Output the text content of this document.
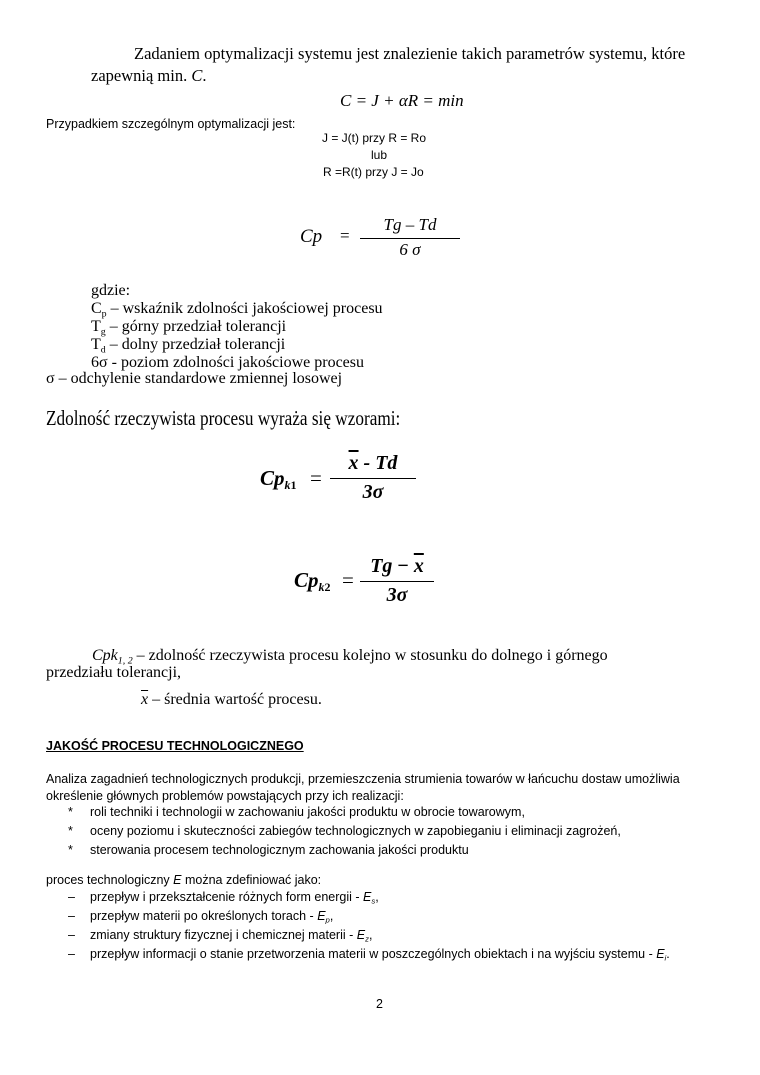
Zadaniem optymalizacji systemu jest znalezienie takich parametrów systemu, które
zapewnią min. C.
C = J + αR = min
Przypadkiem szczególnym optymalizacji jest:
J = J(t) przy R = Ro
lub
R =R(t) przy J = Jo
Cp =
Tg – Td
6 σ
gdzie:
$C_p$ – wskaźnik zdolności jakościowej procesu
$T_g$ – górny przedział tolerancji
$T_d$ – dolny przedział tolerancji
6σ - poziom zdolności jakościowe procesu
σ – odchylenie standardowe zmiennej losowej
Zdolność rzeczywista procesu wyraża się wzorami:
$Cp_{k1}$ =
$\overline{x}$ - Td
3σ
$Cp_{k2}$ =
$Tg - \overline{x}$
3σ
Cpk$_{1, 2}$ – zdolność rzeczywista procesu kolejno w stosunku do dolnego i górnego
przedziału tolerancji,
$\overline{x}$ – średnia wartość procesu.
JAKOŚĆ PROCESU TECHNOLOGICZNEGO
Analiza zagadnień technologicznych produkcji, przemieszczenia strumienia towarów w łańcuchu dostaw umożliwia
określenie głównych problemów powstających przy ich realizacji:
* roli techniki i technologii w zachowaniu jakości produktu w obrocie towarowym,
* oceny poziomu i skuteczności zabiegów technologicznych w zapobieganiu i eliminacji zagrożeń,
* sterowania procesem technologicznym zachowania jakości produktu
proces technologiczny E można zdefiniować jako:
– przepływ i przekształcenie różnych form energii - $E_s$,
– przepływ materii po określonych torach - $E_p$,
– zmiany struktury fizycznej i chemicznej materii - $E_z$,
– przepływ informacji o stanie przetworzenia materii w poszczególnych obiektach i na wyjściu systemu - $E_i$.
2
